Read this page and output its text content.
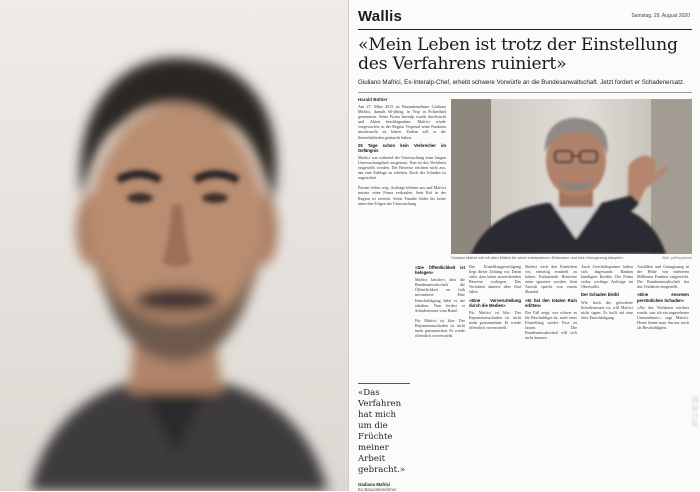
Wallis	Samstag, 29. August 2020
«Mein Leben ist trotz der Einstellung des Verfahrens ruiniert»
Giuliano Mafrici, Ex-Interalp-Chef, erhebt schwere Vorwürfe an die Bundesanwaltschaft. Jetzt fordert er Schadenersatz.
Harald Bühler
Am 27. März 2015 ist Bauunternehmer Giuliano Mafrici, damals 60-jährig, in Visp in Polizeihaft genommen. Seine Firma Interalp wurde durchsucht und Akten beschlagnahmt. Mafrici wurde vorgeworfen, in der Region Vispertal seine Funktion missbraucht zu haben. Zudem soll er die Steuerbehörden getäuscht haben.
25 Tage schon kein Verbrecher im Gefängnis
Mafrici war während der Untersuchung einer langen Untersuchungshaft ausgesetzt. Nun ist das Verfahren eingestellt worden. Die Beweise reichten nicht aus, um eine Anklage zu erheben. Doch der Schaden ist angerichtet.
Partner fielen weg, Aufträge blieben aus und Mafrici musste seine Firma verkaufen. Sein Ruf in der Region ist zerstört. Seine Familie leidet bis heute unter den Folgen der Untersuchung.
Giuliano Mafrici will mit allen Mitteln für seine entstandenen Einbussen und eine Genugtuung kämpfen.	Bild: pd/Keystone
«Die Öffentlichkeit ist belogen»
Mafrici kritisiert, dass die Bundesanwaltschaft die Öffentlichkeit zu früh informierte. Eine Entschuldigung habe er nie erhalten. Nun fordert er Schadenersatz vom Bund.
Für Mafrici ist klar: Der Reputationsschaden ist nicht mehr gutzumachen. Er wurde öffentlich vorverurteilt.
Die Einstellungsverfügung liegt dieser Zeitung vor. Darin steht, dass keine ausreichenden Beweise vorliegen. Das Verfahren dauerte über fünf Jahre.
«Eine Vorverurteilung durch die Medien»
Für Mafrici ist klar: Der Reputationsschaden ist nicht mehr gutzumachen. Er wurde öffentlich vorverurteilt.
Mafrici wirft den Ermittlern vor, einseitig ermittelt zu haben. Entlastende Hinweise seien ignoriert worden. Sein Anwalt spricht von einem Skandal.
«Er hat den totalen Ruin erlitten»
Der Fall zeigt, wie schwer es für Beschuldigte ist, nach einer Einstellung wieder Fuss zu fassen. Die Bundesanwaltschaft will sich nicht äussern.
Auch Geschäftspartner haben sich abgewandt. Banken kündigten Kredite. Die Firma verlor wichtige Aufträge im Oberwallis.
Der Schaden bleibt
Wie hoch der geforderte Schadenersatz ist, will Mafrici nicht sagen. Er hofft auf eine faire Entschädigung.
Ausfällen und Genugtuung in der Höhe von mehreren Millionen Franken eingereicht. Die Bundesanwaltschaft hat das Verfahren eingestellt.
«Eine enormen persönlichen Schaden»
«Als das Verfahren eröffnet wurde, war ich ein angesehener Unternehmer», sagt Mafrici. Heute kenne man ihn nur noch als Beschuldigten.
«Das Verfahren hat mich um die Früchte meiner Arbeit gebracht.»
Giuliano Mafrici
Ex-Bauunternehmer
国际日报
